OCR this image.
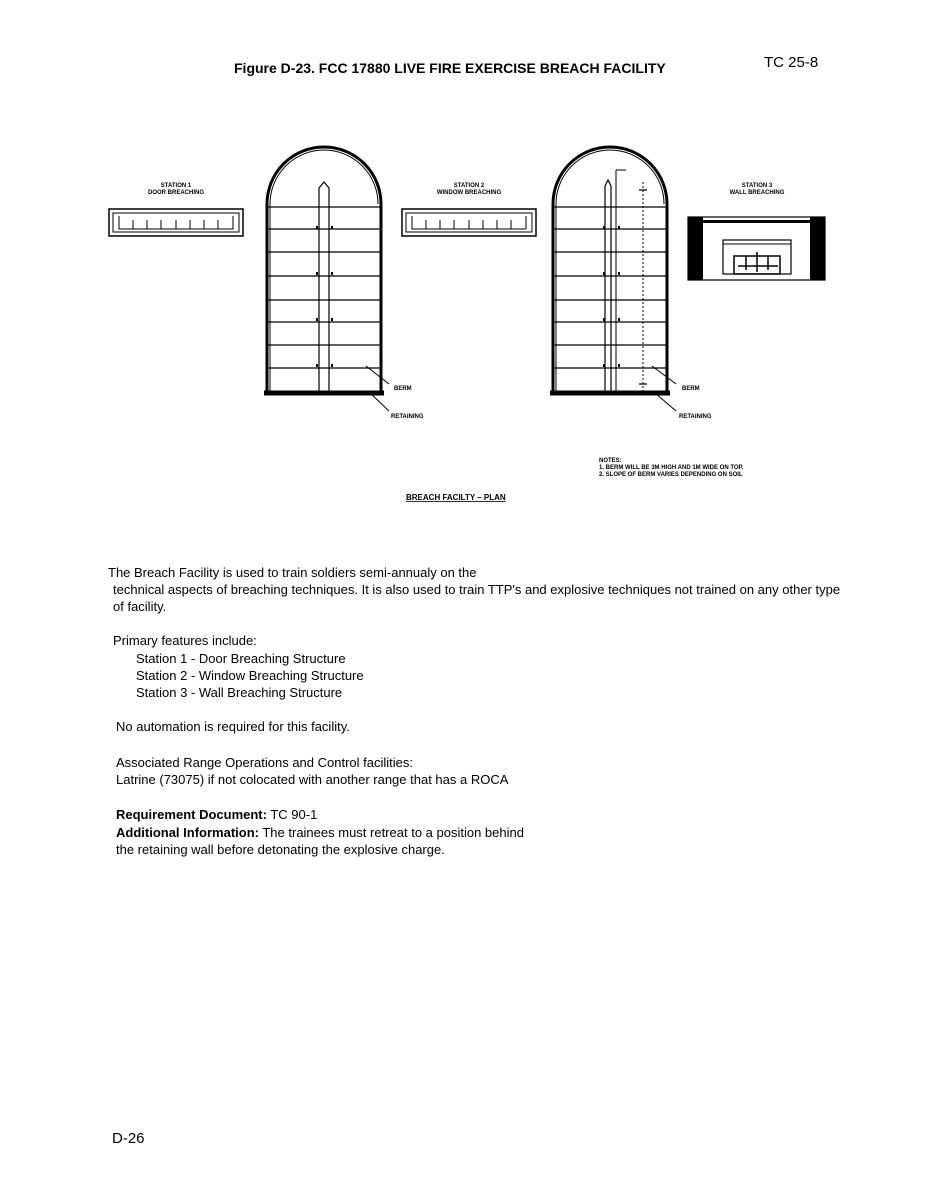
TC 25-8
Figure D-23. FCC 17880 LIVE FIRE EXERCISE BREACH FACILITY
STATION 1
DOOR BREACHING
BERM
RETAINING
STATION 2
WINDOW BREACHING
BERM
RETAINING
STATION 3
WALL BREACHING
NOTES:
1. BERM WILL BE 3M HIGH AND 1M WIDE ON TOP.
2. SLOPE OF BERM VARIES DEPENDING ON SOIL
BREACH FACILTY – PLAN
The Breach Facility is used to train soldiers semi-annualy on the
technical aspects of breaching techniques. It is also used to train TTP's and explosive techniques not trained on any other type
of facility.
Primary features include:
Station 1 - Door Breaching Structure
Station 2 - Window Breaching Structure
Station 3 - Wall Breaching Structure
No automation is required for this facility.
Associated Range Operations and Control facilities:
Latrine (73075) if not colocated with another range that has a ROCA
Requirement Document: TC 90-1
Additional Information: The trainees must retreat to a position behind
the retaining wall before detonating the explosive charge.
D-26
